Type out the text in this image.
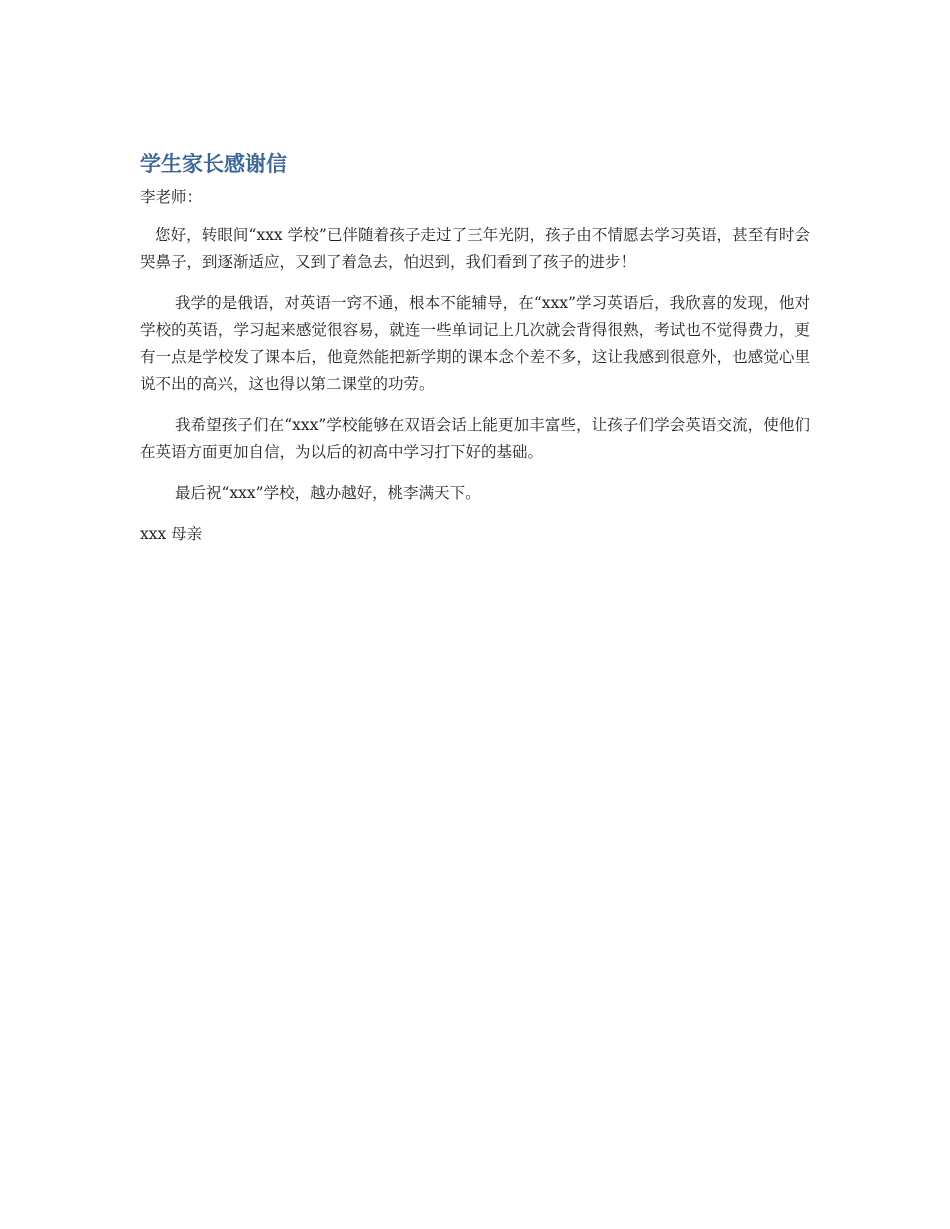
学生家长感谢信
李老师：

您好，转眼间“xxx 学校”已伴随着孩子走过了三年光阴，孩子由不情愿去学习英语，甚至有时会哭鼻子，到逐渐适应，又到了着急去，怕迟到，我们看到了孩子的进步！

我学的是俄语，对英语一窍不通，根本不能辅导，在“xxx”学习英语后，我欣喜的发现，他对学校的英语，学习起来感觉很容易，就连一些单词记上几次就会背得很熟，考试也不觉得费力，更有一点是学校发了课本后，他竟然能把新学期的课本念个差不多，这让我感到很意外，也感觉心里说不出的高兴，这也得以第二课堂的功劳。

我希望孩子们在“xxx”学校能够在双语会话上能更加丰富些，让孩子们学会英语交流，使他们在英语方面更加自信，为以后的初高中学习打下好的基础。

最后祝“xxx”学校，越办越好，桃李满天下。

xxx 母亲
